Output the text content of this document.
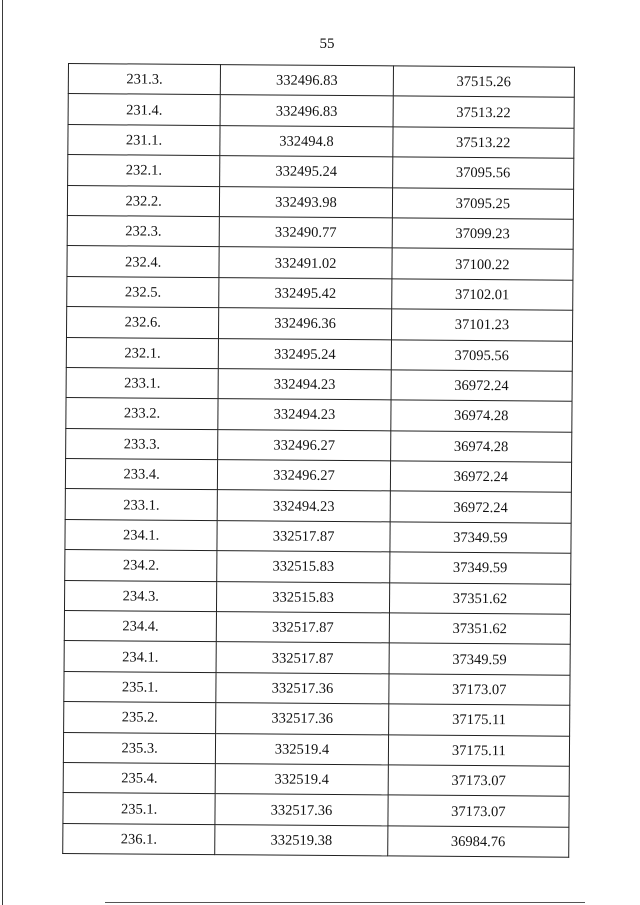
55
231.3.	332496.83	37515.26
231.4.	332496.83	37513.22
231.1.	332494.8	37513.22
232.1.	332495.24	37095.56
232.2.	332493.98	37095.25
232.3.	332490.77	37099.23
232.4.	332491.02	37100.22
232.5.	332495.42	37102.01
232.6.	332496.36	37101.23
232.1.	332495.24	37095.56
233.1.	332494.23	36972.24
233.2.	332494.23	36974.28
233.3.	332496.27	36974.28
233.4.	332496.27	36972.24
233.1.	332494.23	36972.24
234.1.	332517.87	37349.59
234.2.	332515.83	37349.59
234.3.	332515.83	37351.62
234.4.	332517.87	37351.62
234.1.	332517.87	37349.59
235.1.	332517.36	37173.07
235.2.	332517.36	37175.11
235.3.	332519.4	37175.11
235.4.	332519.4	37173.07
235.1.	332517.36	37173.07
236.1.	332519.38	36984.76
